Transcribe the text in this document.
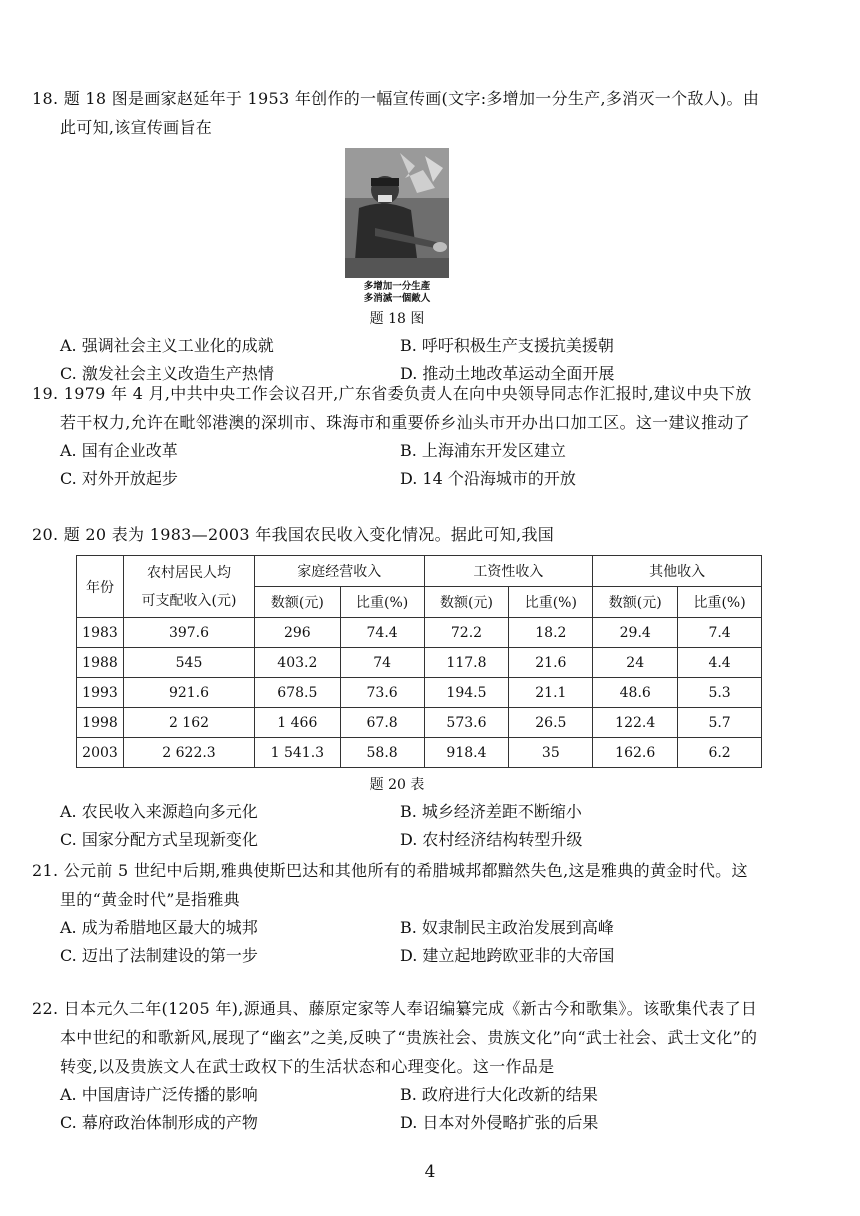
18. 题 18 图是画家赵延年于 1953 年创作的一幅宣传画(文字:多增加一分生产,多消灭一个敌人)。由此可知,该宣传画旨在
多增加一分生產
多消滅一個敵人
题 18 图
A. 强调社会主义工业化的成就	B. 呼吁积极生产支援抗美援朝
C. 激发社会主义改造生产热情	D. 推动土地改革运动全面开展
19. 1979 年 4 月,中共中央工作会议召开,广东省委负责人在向中央领导同志作汇报时,建议中央下放若干权力,允许在毗邻港澳的深圳市、珠海市和重要侨乡汕头市开办出口加工区。这一建议推动了
A. 国有企业改革	B. 上海浦东开发区建立
C. 对外开放起步	D. 14 个沿海城市的开放
20. 题 20 表为 1983—2003 年我国农民收入变化情况。据此可知,我国
年份	农村居民人均
可支配收入(元)	家庭经营收入		工资性收入		其他收入	
		数额(元)	比重(%)	数额(元)	比重(%)	数额(元)	比重(%)
1983	397.6	296	74.4	72.2	18.2	29.4	7.4
1988	545	403.2	74	117.8	21.6	24	4.4
1993	921.6	678.5	73.6	194.5	21.1	48.6	5.3
1998	2 162	1 466	67.8	573.6	26.5	122.4	5.7
2003	2 622.3	1 541.3	58.8	918.4	35	162.6	6.2
题 20 表
A. 农民收入来源趋向多元化	B. 城乡经济差距不断缩小
C. 国家分配方式呈现新变化	D. 农村经济结构转型升级
21. 公元前 5 世纪中后期,雅典使斯巴达和其他所有的希腊城邦都黯然失色,这是雅典的黄金时代。这里的“黄金时代”是指雅典
A. 成为希腊地区最大的城邦	B. 奴隶制民主政治发展到高峰
C. 迈出了法制建设的第一步	D. 建立起地跨欧亚非的大帝国
22. 日本元久二年(1205 年),源通具、藤原定家等人奉诏编纂完成《新古今和歌集》。该歌集代表了日本中世纪的和歌新风,展现了“幽玄”之美,反映了“贵族社会、贵族文化”向“武士社会、武士文化”的转变,以及贵族文人在武士政权下的生活状态和心理变化。这一作品是
A. 中国唐诗广泛传播的影响	B. 政府进行大化改新的结果
C. 幕府政治体制形成的产物	D. 日本对外侵略扩张的后果
4
